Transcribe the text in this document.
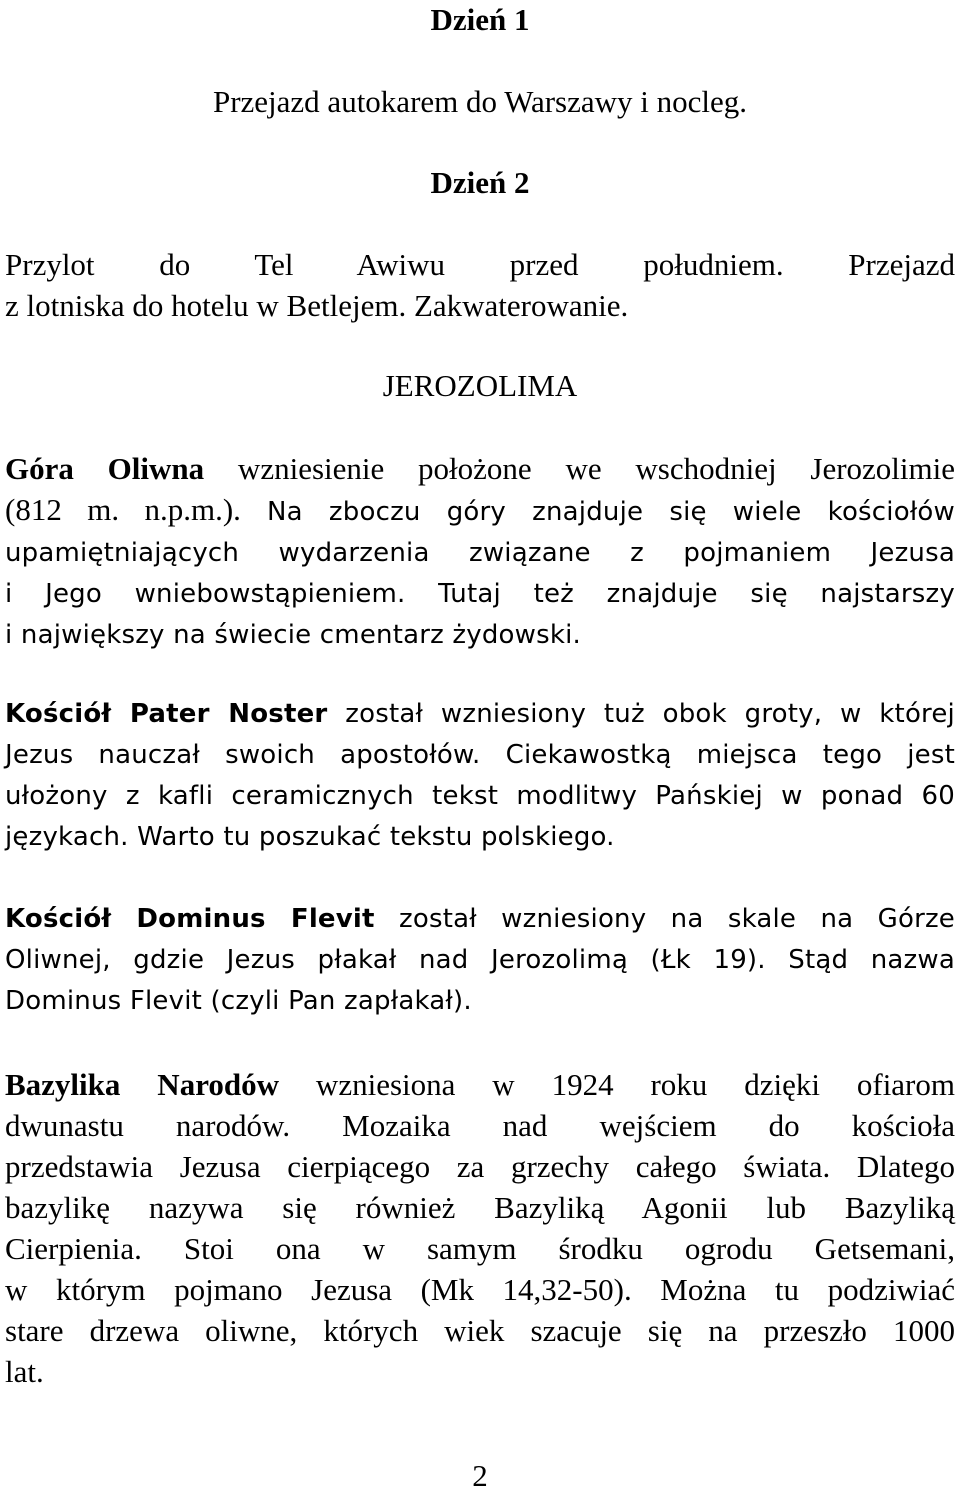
Dzień 1

Przejazd autokarem do Warszawy i nocleg.

Dzień 2
Przylot do Tel Awiwu przed południem. Przejazd
z lotniska do hotelu w Betlejem. Zakwaterowanie.
JEROZOLIMA
Góra Oliwna wzniesienie położone we wschodniej Jerozolimie
(812 m. n.p.m.). Na zboczu góry znajduje się wiele kościołów
upamiętniających wydarzenia związane z pojmaniem Jezusa
i Jego wniebowstąpieniem. Tutaj też znajduje się najstarszy
i największy na świecie cmentarz żydowski.
Kościół Pater Noster został wzniesiony tuż obok groty, w której
Jezus nauczał swoich apostołów. Ciekawostką miejsca tego jest
ułożony z kafli ceramicznych tekst modlitwy Pańskiej w ponad 60
językach. Warto tu poszukać tekstu polskiego.
Kościół Dominus Flevit został wzniesiony na skale na Górze
Oliwnej, gdzie Jezus płakał nad Jerozolimą (Łk 19). Stąd nazwa
Dominus Flevit (czyli Pan zapłakał).
Bazylika Narodów wzniesiona w 1924 roku dzięki ofiarom
dwunastu narodów. Mozaika nad wejściem do kościoła
przedstawia Jezusa cierpiącego za grzechy całego świata. Dlatego
bazylikę nazywa się również Bazyliką Agonii lub Bazyliką
Cierpienia. Stoi ona w samym środku ogrodu Getsemani,
w którym pojmano Jezusa (Mk 14,32-50). Można tu podziwiać
stare drzewa oliwne, których wiek szacuje się na przeszło 1000
lat.
2
